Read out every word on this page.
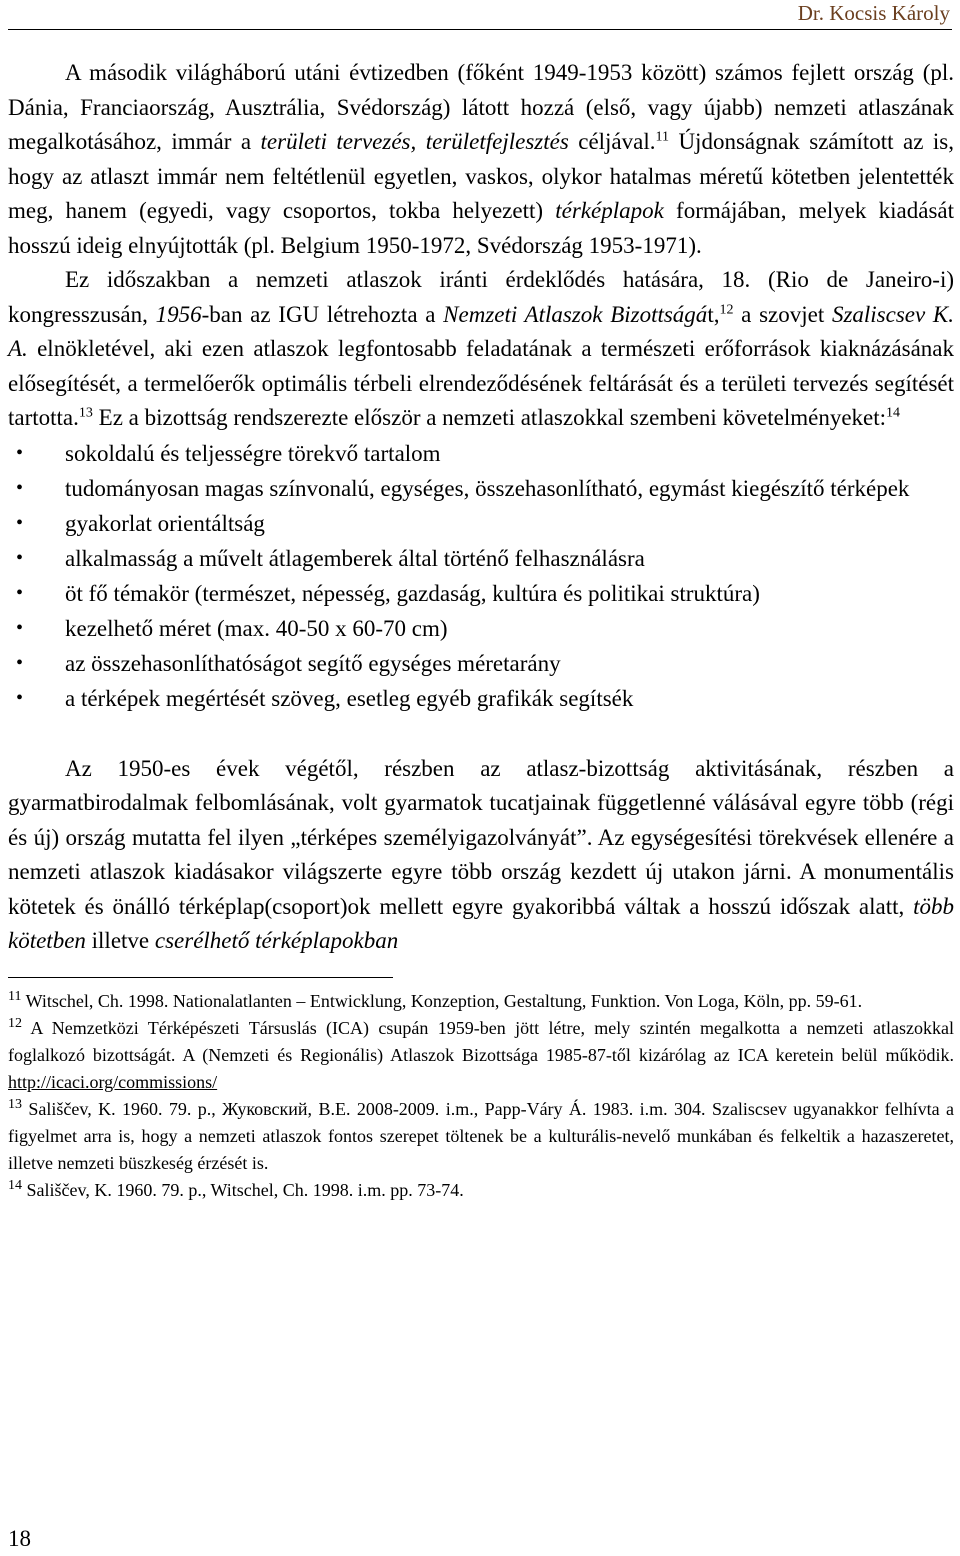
Dr. Kocsis Károly

A második világháború utáni évtizedben (főként 1949-1953 között) számos fejlett ország (pl. Dánia, Franciaország, Ausztrália, Svédország) látott hozzá (első, vagy újabb) nemzeti atlaszának megalkotásához, immár a területi tervezés, területfejlesztés céljával.$^{11}$ Újdonságnak számított az is, hogy az atlaszt immár nem feltétlenül egyetlen, vaskos, olykor hatalmas méretű kötetben jelentették meg, hanem (egyedi, vagy csoportos, tokba helyezett) térképlapok formájában, melyek kiadását hosszú ideig elnyújtották (pl. Belgium 1950-1972, Svédország 1953-1971).

Ez időszakban a nemzeti atlaszok iránti érdeklődés hatására, 18. (Rio de Janeiro-i) kongresszusán, 1956-ban az IGU létrehozta a Nemzeti Atlaszok Bizottságát,$^{12}$ a szovjet Szaliscsev K. A. elnökletével, aki ezen atlaszok legfontosabb feladatának a természeti erőforrások kiaknázásának elősegítését, a termelőerők optimális térbeli elrendeződésének feltárását és a területi tervezés segítését tartotta.$^{13}$ Ez a bizottság rendszerezte először a nemzeti atlaszokkal szembeni követelményeket:$^{14}$

• sokoldalú és teljességre törekvő tartalom
• tudományosan magas színvonalú, egységes, összehasonlítható, egymást kiegészítő térképek
• gyakorlat orientáltság
• alkalmasság a művelt átlagemberek által történő felhasználásra
• öt fő témakör (természet, népesség, gazdaság, kultúra és politikai struktúra)
• kezelhető méret (max. 40-50 x 60-70 cm)
• az összehasonlíthatóságot segítő egységes méretarány
• a térképek megértését szöveg, esetleg egyéb grafikák segítsék

Az 1950-es évek végétől, részben az atlasz-bizottság aktivitásának, részben a gyarmatbirodalmak felbomlásának, volt gyarmatok tucatjainak függetlenné válásával egyre több (régi és új) ország mutatta fel ilyen „térképes személyigazolványát”. Az egységesítési törekvések ellenére a nemzeti atlaszok kiadásakor világszerte egyre több ország kezdett új utakon járni. A monumentális kötetek és önálló térképlap(csoport)ok mellett egyre gyakoribbá váltak a hosszú időszak alatt, több kötetben illetve cserélhető térképlapokban

$^{11}$ Witschel, Ch. 1998. Nationalatlanten – Entwicklung, Konzeption, Gestaltung, Funktion. Von Loga, Köln, pp. 59-61.

$^{12}$ A Nemzetközi Térképészeti Társuslás (ICA) csupán 1959-ben jött létre, mely szintén megalkotta a nemzeti atlaszokkal foglalkozó bizottságát. A (Nemzeti és Regionális) Atlaszok Bizottsága 1985-87-től kizárólag az ICA keretein belül működik. http://icaci.org/commissions/

$^{13}$ Sališčev, K. 1960. 79. p., Жуковский, В.Е. 2008-2009. i.m., Papp-Váry Á. 1983. i.m. 304. Szaliscsev ugyanakkor felhívta a figyelmet arra is, hogy a nemzeti atlaszok fontos szerepet töltenek be a kulturális-nevelő munkában és felkeltik a hazaszeretet, illetve nemzeti büszkeség érzését is.

$^{14}$ Sališčev, K. 1960. 79. p., Witschel, Ch. 1998. i.m. pp. 73-74.

18
